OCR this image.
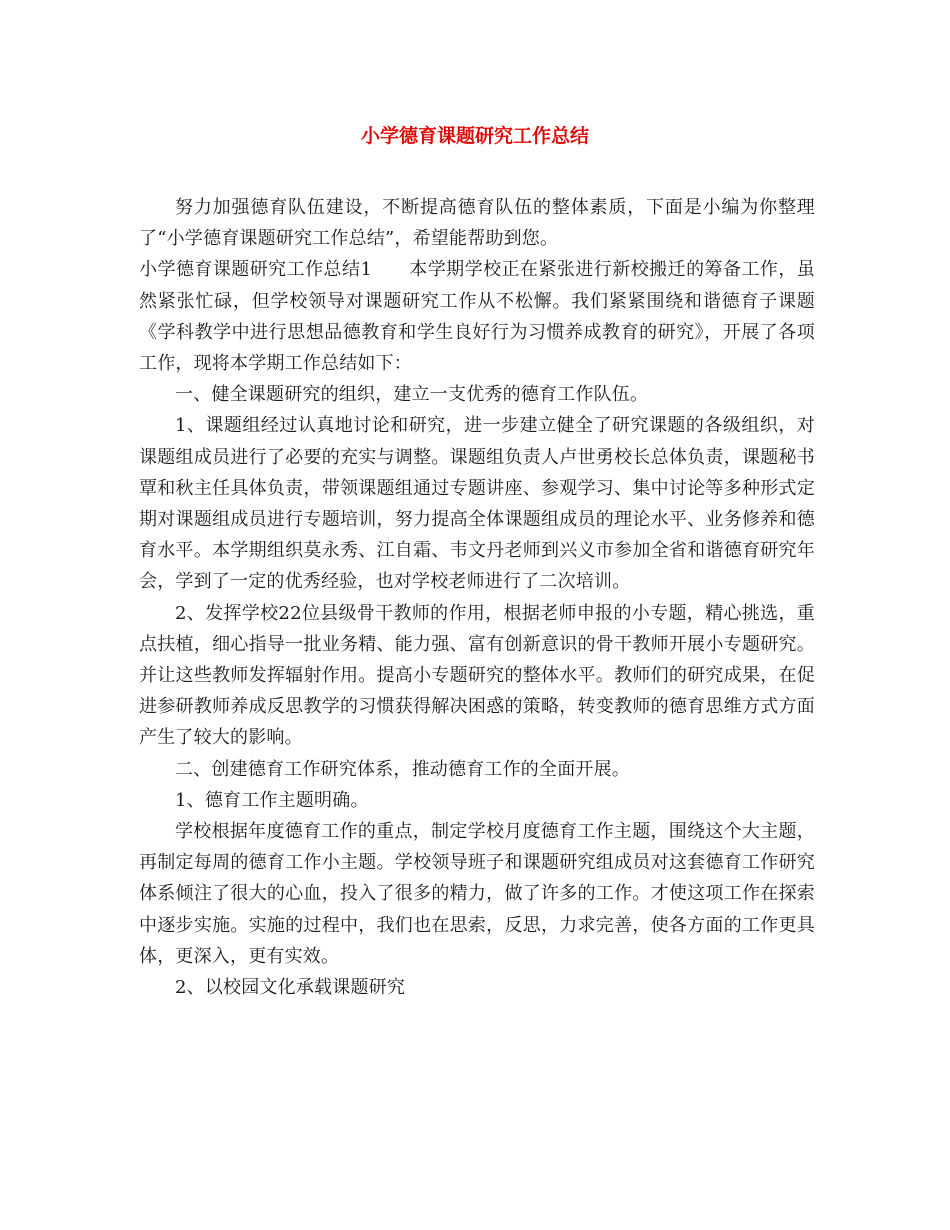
小学德育课题研究工作总结

努力加强德育队伍建设，不断提高德育队伍的整体素质，下面是小编为你整理了“小学德育课题研究工作总结”，希望能帮助到您。

小学德育课题研究工作总结1　　本学期学校正在紧张进行新校搬迁的筹备工作，虽然紧张忙碌，但学校领导对课题研究工作从不松懈。我们紧紧围绕和谐德育子课题《学科教学中进行思想品德教育和学生良好行为习惯养成教育的研究》，开展了各项工作，现将本学期工作总结如下：

一、健全课题研究的组织，建立一支优秀的德育工作队伍。

1、课题组经过认真地讨论和研究，进一步建立健全了研究课题的各级组织，对课题组成员进行了必要的充实与调整。课题组负责人卢世勇校长总体负责，课题秘书覃和秋主任具体负责，带领课题组通过专题讲座、参观学习、集中讨论等多种形式定期对课题组成员进行专题培训，努力提高全体课题组成员的理论水平、业务修养和德育水平。本学期组织莫永秀、江自霜、韦文丹老师到兴义市参加全省和谐德育研究年会，学到了一定的优秀经验，也对学校老师进行了二次培训。

2、发挥学校22位县级骨干教师的作用，根据老师申报的小专题，精心挑选，重点扶植，细心指导一批业务精、能力强、富有创新意识的骨干教师开展小专题研究。并让这些教师发挥辐射作用。提高小专题研究的整体水平。教师们的研究成果，在促进参研教师养成反思教学的习惯获得解决困惑的策略，转变教师的德育思维方式方面产生了较大的影响。

二、创建德育工作研究体系，推动德育工作的全面开展。

1、德育工作主题明确。

学校根据年度德育工作的重点，制定学校月度德育工作主题，围绕这个大主题，再制定每周的德育工作小主题。学校领导班子和课题研究组成员对这套德育工作研究体系倾注了很大的心血，投入了很多的精力，做了许多的工作。才使这项工作在探索中逐步实施。实施的过程中，我们也在思索，反思，力求完善，使各方面的工作更具体，更深入，更有实效。

2、以校园文化承载课题研究
